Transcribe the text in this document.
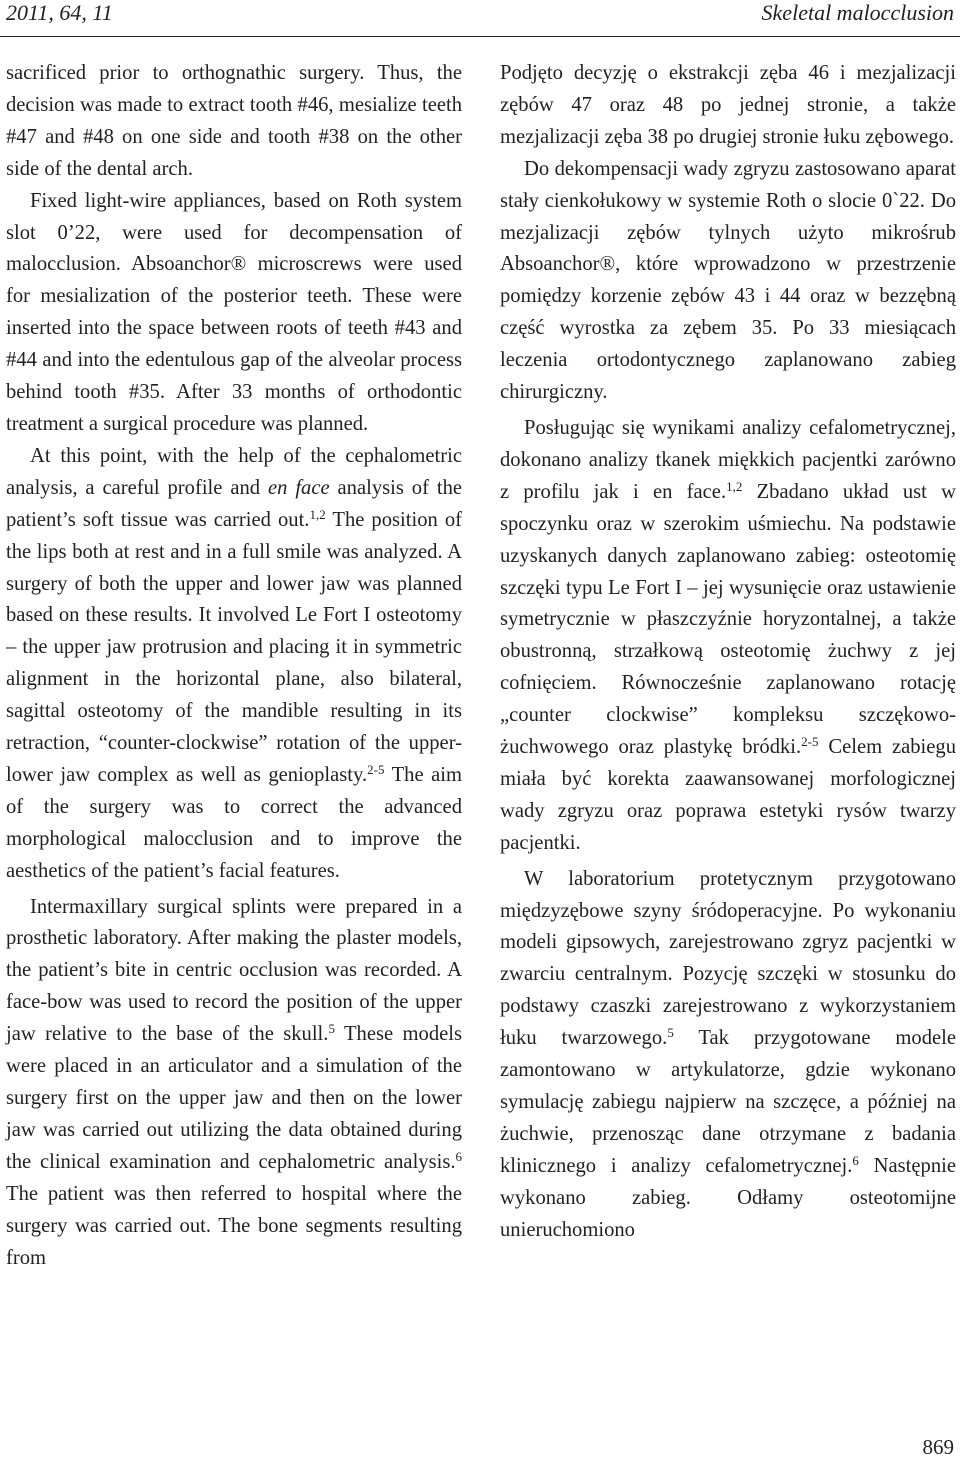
2011, 64, 11	Skeletal malocclusion

sacrificed prior to orthognathic surgery. Thus, the decision was made to extract tooth #46, mesialize teeth #47 and #48 on one side and tooth #38 on the other side of the dental arch.

Fixed light-wire appliances, based on Roth system slot 0’22, were used for decompensation of malocclusion. Absoanchor® microscrews were used for mesialization of the posterior teeth. These were inserted into the space between roots of teeth #43 and #44 and into the edentulous gap of the alveolar process behind tooth #35. After 33 months of orthodontic treatment a surgical procedure was planned.

At this point, with the help of the cephalometric analysis, a careful profile and en face analysis of the patient’s soft tissue was carried out.$^{1,2}$ The position of the lips both at rest and in a full smile was analyzed. A surgery of both the upper and lower jaw was planned based on these results. It involved Le Fort I osteotomy – the upper jaw protrusion and placing it in symmetric alignment in the horizontal plane, also bilateral, sagittal osteotomy of the mandible resulting in its retraction, “counter-clockwise” rotation of the upper-lower jaw complex as well as genioplasty.$^{2-5}$ The aim of the surgery was to correct the advanced morphological malocclusion and to improve the aesthetics of the patient’s facial features.

Intermaxillary surgical splints were prepared in a prosthetic laboratory. After making the plaster models, the patient’s bite in centric occlusion was recorded. A face-bow was used to record the position of the upper jaw relative to the base of the skull.$^5$ These models were placed in an articulator and a simulation of the surgery first on the upper jaw and then on the lower jaw was carried out utilizing the data obtained during the clinical examination and cephalometric analysis.$^6$ The patient was then referred to hospital where the surgery was carried out. The bone segments resulting from

Podjęto decyzję o ekstrakcji zęba 46 i mezjalizacji zębów 47 oraz 48 po jednej stronie, a także mezjalizacji zęba 38 po drugiej stronie łuku zębowego.

Do dekompensacji wady zgryzu zastosowano aparat stały cienkołukowy w systemie Roth o slocie 0`22. Do mezjalizacji zębów tylnych użyto mikrośrub Absoanchor®, które wprowadzono w przestrzenie pomiędzy korzenie zębów 43 i 44 oraz w bezzębną część wyrostka za zębem 35. Po 33 miesiącach leczenia ortodontycznego zaplanowano zabieg chirurgiczny.

Posługując się wynikami analizy cefalometrycznej, dokonano analizy tkanek miękkich pacjentki zarówno z profilu jak i en face.$^{1,2}$ Zbadano układ ust w spoczynku oraz w szerokim uśmiechu. Na podstawie uzyskanych danych zaplanowano zabieg: osteotomię szczęki typu Le Fort I – jej wysunięcie oraz ustawienie symetrycznie w płaszczyźnie horyzontalnej, a także obustronną, strzałkową osteotomię żuchwy z jej cofnięciem. Równocześnie zaplanowano rotację „counter clockwise” kompleksu szczękowo-żuchwowego oraz plastykę bródki.$^{2-5}$ Celem zabiegu miała być korekta zaawansowanej morfologicznej wady zgryzu oraz poprawa estetyki rysów twarzy pacjentki.

W laboratorium protetycznym przygotowano międzyzębowe szyny śródoperacyjne. Po wykonaniu modeli gipsowych, zarejestrowano zgryz pacjentki w zwarciu centralnym. Pozycję szczęki w stosunku do podstawy czaszki zarejestrowano z wykorzystaniem łuku twarzowego.$^5$ Tak przygotowane modele zamontowano w artykulatorze, gdzie wykonano symulację zabiegu najpierw na szczęce, a później na żuchwie, przenosząc dane otrzymane z badania klinicznego i analizy cefalometrycznej.$^6$ Następnie wykonano zabieg. Odłamy osteotomijne unieruchomiono

869
